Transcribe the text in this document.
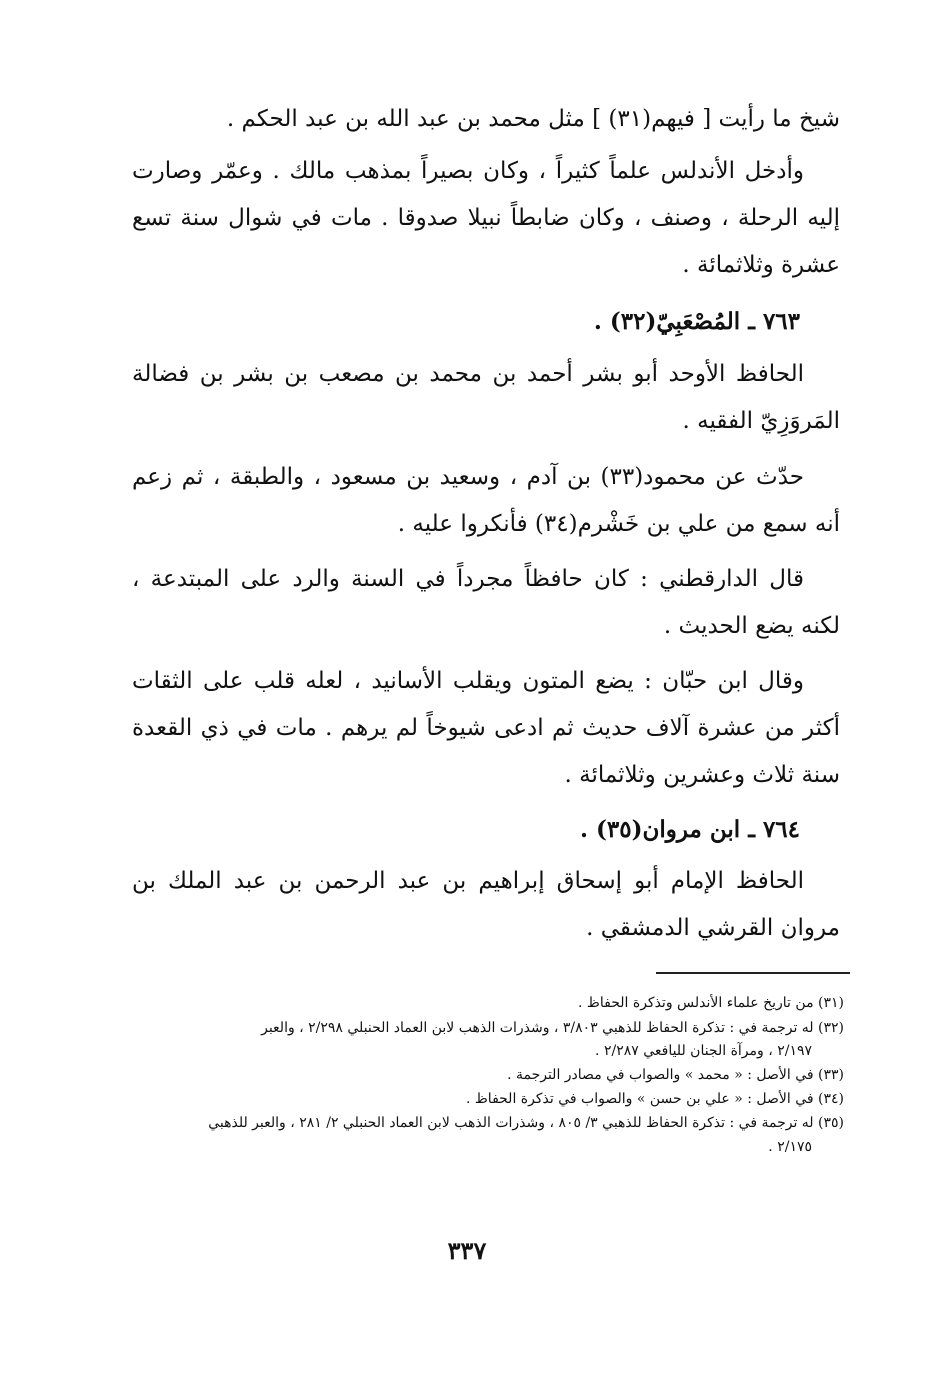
شيخ ما رأيت [ فيهم(٣١) ] مثل محمد بن عبد الله بن عبد الحكم .

وأدخل الأندلس علماً كثيراً ، وكان بصيراً بمذهب مالك . وعمّر وصارت إليه الرحلة ، وصنف ، وكان ضابطاً نبيلا صدوقا . مات في شوال سنة تسع عشرة وثلاثمائة .

٧٦٣ ـ المُصْعَبِيّ(٣٢) .

الحافظ الأوحد أبو بشر أحمد بن محمد بن مصعب بن بشر بن فضالة المَروَزِيّ الفقيه .

حدّث عن محمود(٣٣) بن آدم ، وسعيد بن مسعود ، والطبقة ، ثم زعم أنه سمع من علي بن خَشْرم(٣٤) فأنكروا عليه .

قال الدارقطني : كان حافظاً مجرداً في السنة والرد على المبتدعة ، لكنه يضع الحديث .

وقال ابن حبّان : يضع المتون ويقلب الأسانيد ، لعله قلب على الثقات أكثر من عشرة آلاف حديث ثم ادعى شيوخاً لم يرهم . مات في ذي القعدة سنة ثلاث وعشرين وثلاثمائة .

٧٦٤ ـ ابن مروان(٣٥) .

الحافظ الإمام أبو إسحاق إبراهيم بن عبد الرحمن بن عبد الملك بن مروان القرشي الدمشقي .

(٣١) من تاريخ علماء الأندلس وتذكرة الحفاظ .

(٣٢) له ترجمة في : تذكرة الحفاظ للذهبي ٣/٨٠٣ ، وشذرات الذهب لابن العماد الحنبلي ٢/٢٩٨ ، والعبر

٢/١٩٧ ، ومرآة الجنان لليافعي ٢/٢٨٧ .

(٣٣) في الأصل : « محمد » والصواب في مصادر الترجمة .

(٣٤) في الأصل : « علي بن حسن » والصواب في تذكرة الحفاظ .

(٣٥) له ترجمة في : تذكرة الحفاظ للذهبي ٣/ ٨٠٥ ، وشذرات الذهب لابن العماد الحنبلي ٢/ ٢٨١ ، والعبر للذهبي

٢/١٧٥ .

٣٣٧
